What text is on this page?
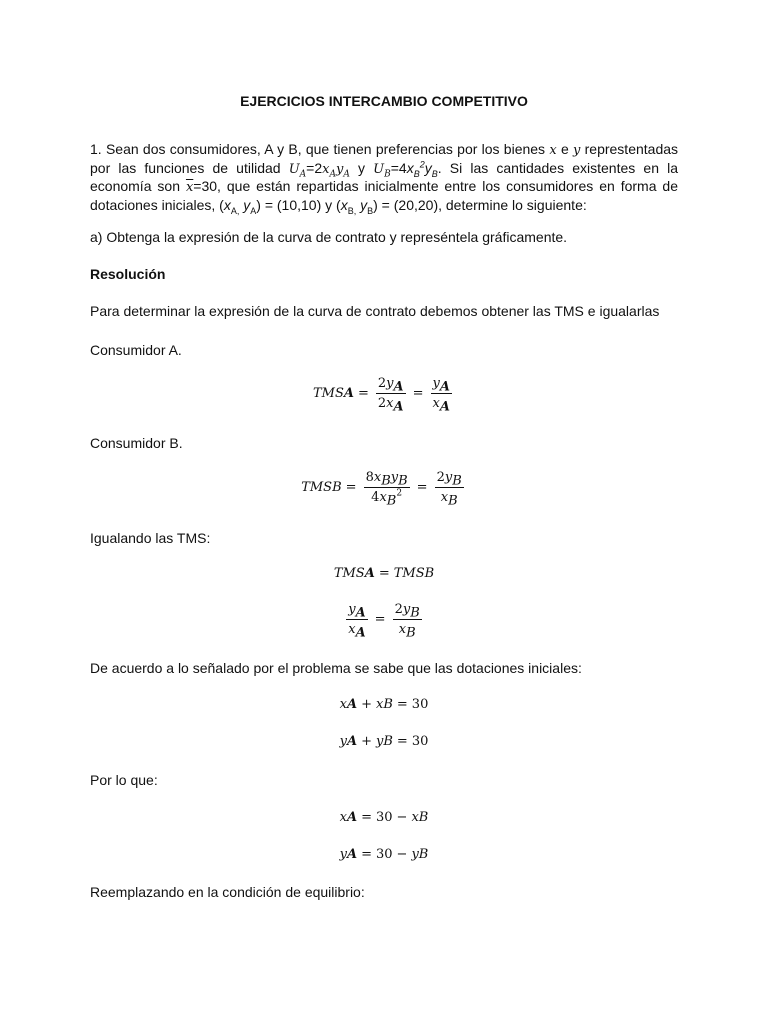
EJERCICIOS INTERCAMBIO COMPETITIVO

1. Sean dos consumidores, A y B, que tienen preferencias por los bienes x e y represtentadas por las funciones de utilidad $U_A=2x_Ay_A$ y $U_B=4x_B^2y_B$. Si las cantidades existentes en la economía son $\overline{x}=30$, que están repartidas inicialmente entre los consumidores en forma de dotaciones iniciales, ($x_{A,}$ $y_A) = (10,10)$ y ($x_{B,}$ $y_B) = (20,20)$, determine lo siguiente:

a) Obtenga la expresión de la curva de contrato y represéntela gráficamente.

Resolución

Para determinar la expresión de la curva de contrato debemos obtener las TMS e igualarlas

Consumidor A.

TMS $A = \frac{2y_A}{2x_A} = \frac{y_A}{x_A}$

Consumidor B.

TMS $B = \frac{8x_By_B}{4x_B^2} = \frac{2y_B}{x_B}$

Igualando las TMS:

TMS A = TMS B
$\frac{y_A}{x_A} = \frac{2y_B}{x_B}$

De acuerdo a lo señalado por el problema se sabe que las dotaciones iniciales:

x A + x B = 30
y A + y B = 30

Por lo que:

x A = 30 − x B
y A = 30 − y B

Reemplazando en la condición de equilibrio:
